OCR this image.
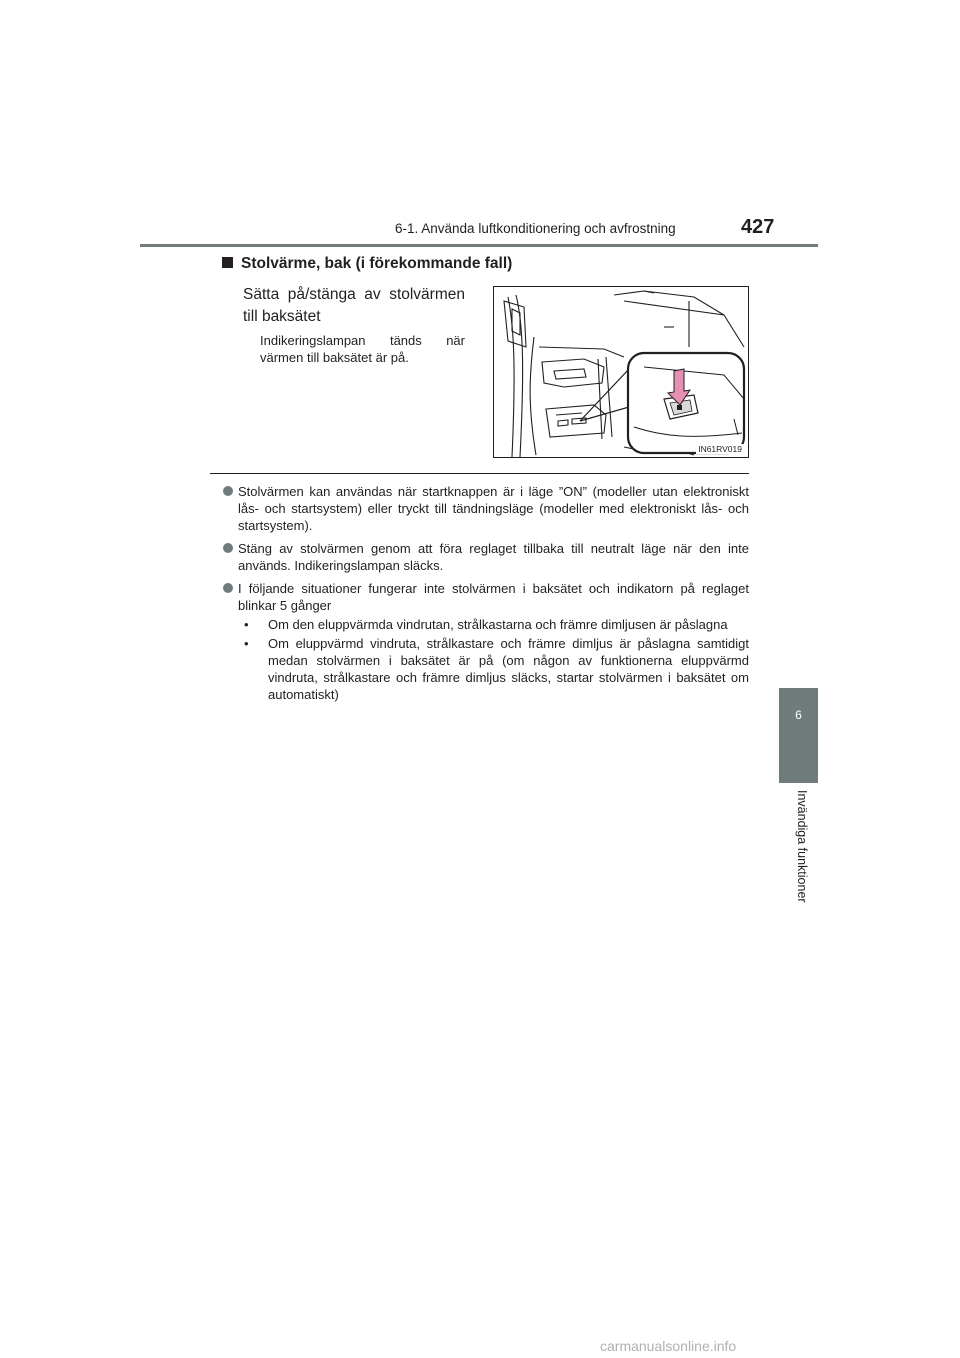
6-1. Använda luftkonditionering och avfrostning	427
6
Invändiga funktioner
Stolvärme, bak (i förekommande fall)
Sätta på/stänga av stolvärmen till baksätet
Indikeringslampan tänds när värmen till baksätet är på.
IN61RV019
Stolvärmen kan användas när startknappen är i läge ”ON” (modeller utan elektroniskt lås- och startsystem) eller tryckt till tändningsläge (modeller med elektroniskt lås- och startsystem).
Stäng av stolvärmen genom att föra reglaget tillbaka till neutralt läge när den inte används. Indikeringslampan släcks.
I följande situationer fungerar inte stolvärmen i baksätet och indikatorn på reglaget blinkar 5 gånger
•	Om den eluppvärmda vindrutan, strålkastarna och främre dimljusen är påslagna
•	Om eluppvärmd vindruta, strålkastare och främre dimljus är påslagna samtidigt medan stolvärmen i baksätet är på (om någon av funktionerna eluppvärmd vindruta, strålkastare och främre dimljus släcks, startar stolvärmen i baksätet om automatiskt)
carmanualsonline.info
